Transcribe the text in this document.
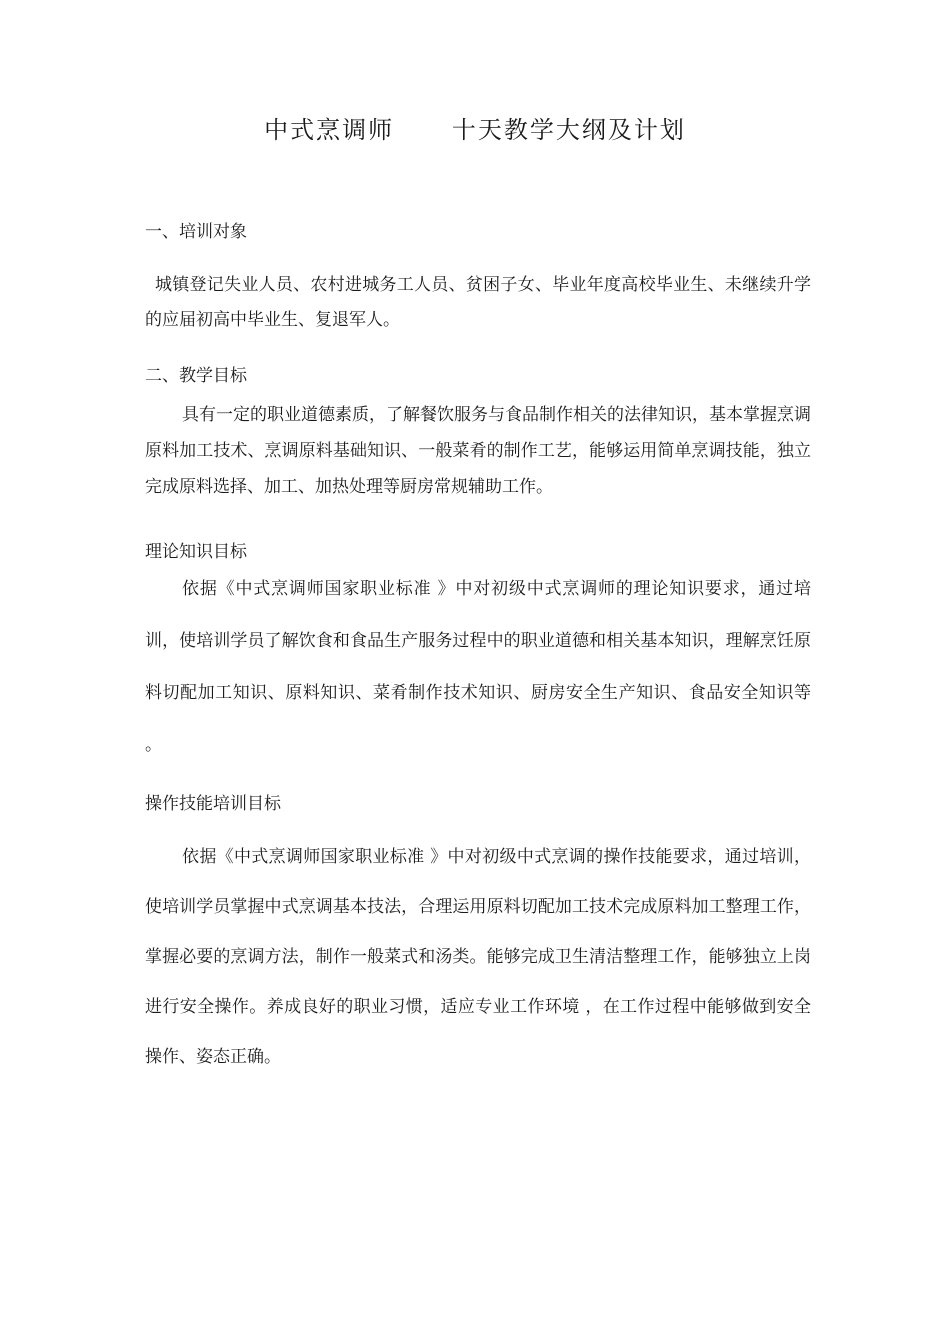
中式烹调师      十天教学大纲及计划
一、培训对象

城镇登记失业人员、农村进城务工人员、贫困子女、毕业年度高校毕业生、未继续升学的应届初高中毕业生、复退军人。

二、教学目标

具有一定的职业道德素质，了解餐饮服务与食品制作相关的法律知识，基本掌握烹调原料加工技术、烹调原料基础知识、一般菜肴的制作工艺，能够运用简单烹调技能，独立完成原料选择、加工、加热处理等厨房常规辅助工作。

理论知识目标

依据《中式烹调师国家职业标准 》中对初级中式烹调师的理论知识要求，通过培训，使培训学员了解饮食和食品生产服务过程中的职业道德和相关基本知识，理解烹饪原料切配加工知识、原料知识、菜肴制作技术知识、厨房安全生产知识、食品安全知识等 。

操作技能培训目标

依据《中式烹调师国家职业标准 》中对初级中式烹调的操作技能要求，通过培训，使培训学员掌握中式烹调基本技法，合理运用原料切配加工技术完成原料加工整理工作，掌握必要的烹调方法，制作一般菜式和汤类。能够完成卫生清洁整理工作，能够独立上岗进行安全操作。养成良好的职业习惯，适应专业工作环境 ，在工作过程中能够做到安全操作、姿态正确。
